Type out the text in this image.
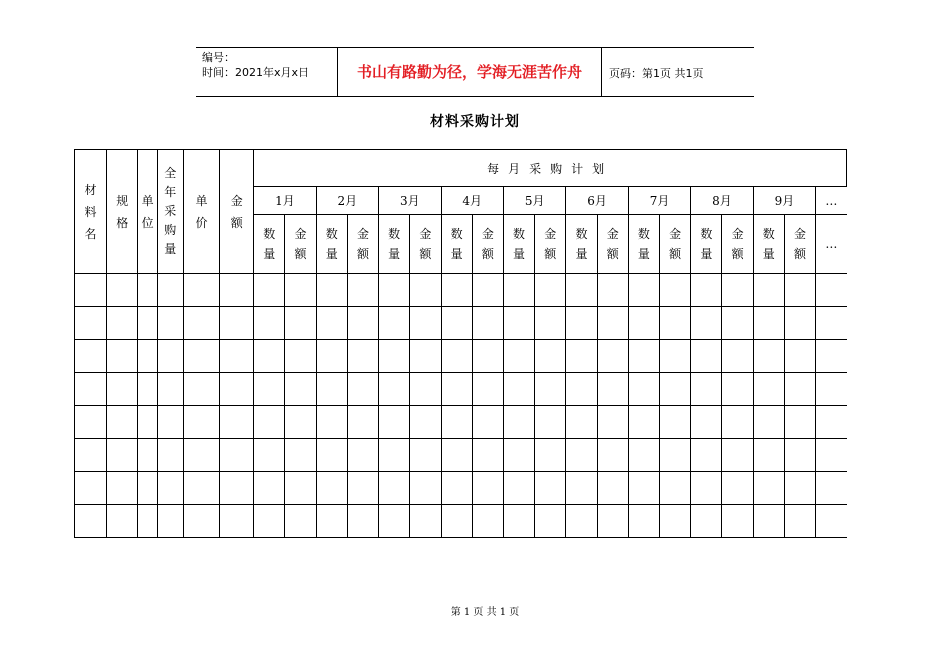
编号：
时间：2021年x月x日	书山有路勤为径，学海无涯苦作舟	页码：第1页 共1页
材料采购计划
材料名	规格	单位	全年采购量	单价	金额	每月采购计划																		
						1月		2月		3月		4月		5月		6月		7月		8月		9月		…
						数量	金额	数量	金额	数量	金额	数量	金额	数量	金额	数量	金额	数量	金额	数量	金额	数量	金额	…

第 1 页 共 1 页
